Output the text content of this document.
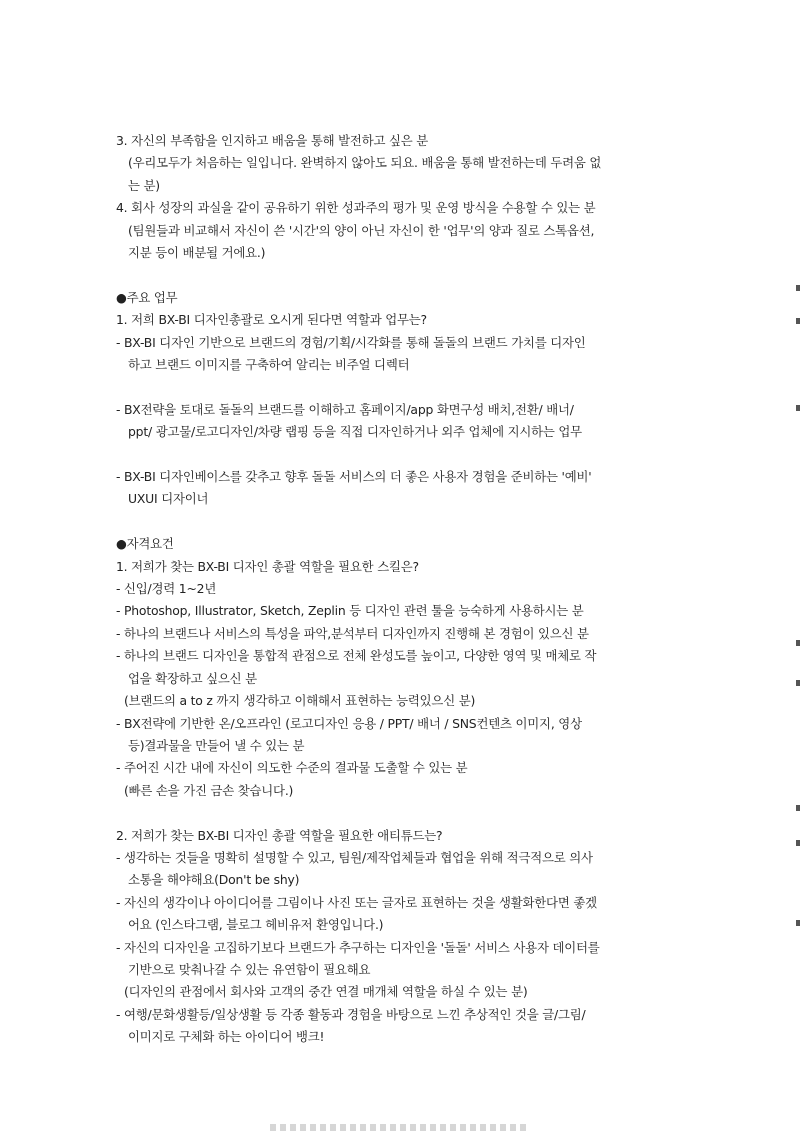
3. 자신의 부족함을 인지하고 배움을 통해 발전하고 싶은 분

(우리모두가 처음하는 일입니다. 완벽하지 않아도 되요. 배움을 통해 발전하는데 두려움 없

는 분)

4. 회사 성장의 과실을 같이 공유하기 위한 성과주의 평가 및 운영 방식을 수용할 수 있는 분

(팀원들과 비교해서 자신이 쓴 '시간'의 양이 아닌 자신이 한 '업무'의 양과 질로 스톡옵션,

지분 등이 배분될 거에요.)

●주요 업무

1. 저희 BX-BI 디자인총괄로 오시게 된다면 역할과 업무는?

- BX-BI 디자인 기반으로 브랜드의 경험/기획/시각화를 통해 돌돌의 브랜드 가치를 디자인

하고 브랜드 이미지를 구축하여 알리는 비주얼 디렉터

- BX전략을 토대로 돌돌의 브랜드를 이해하고 홈페이지/app 화면구성 배치,전환/ 배너/

ppt/ 광고물/로고디자인/차량 랩핑 등을 직접 디자인하거나 외주 업체에 지시하는 업무

- BX-BI 디자인베이스를 갖추고 향후 돌돌 서비스의 더 좋은 사용자 경험을 준비하는 '예비'

UXUI 디자이너

●자격요건

1. 저희가 찾는 BX-BI 디자인 총괄 역할을 필요한 스킬은?

- 신입/경력 1~2년

- Photoshop, Illustrator, Sketch, Zeplin 등 디자인 관련 툴을 능숙하게 사용하시는 분

- 하나의 브랜드나 서비스의 특성을 파악,분석부터 디자인까지 진행해 본 경험이 있으신 분

- 하나의 브랜드 디자인을 통합적 관점으로 전체 완성도를 높이고, 다양한 영역 및 매체로 작

업을 확장하고 싶으신 분

(브랜드의 a to z 까지 생각하고 이해해서 표현하는 능력있으신 분)

- BX전략에 기반한 온/오프라인 (로고디자인 응용 / PPT/ 배너 / SNS컨텐츠 이미지, 영상

등)결과물을 만들어 낼 수 있는 분

- 주어진 시간 내에 자신이 의도한 수준의 결과물 도출할 수 있는 분

(빠른 손을 가진 금손 찾습니다.)

2. 저희가 찾는 BX-BI 디자인 총괄 역할을 필요한 애티튜드는?

- 생각하는 것들을 명확히 설명할 수 있고, 팀원/제작업체들과 협업을 위해 적극적으로 의사

소통을 해야해요(Don't be shy)

- 자신의 생각이나 아이디어를 그림이나 사진 또는 글자로 표현하는 것을 생활화한다면 좋겠

어요 (인스타그램, 블로그 헤비유저 환영입니다.)

- 자신의 디자인을 고집하기보다 브랜드가 추구하는 디자인을 '돌돌' 서비스 사용자 데이터를

기반으로 맞춰나갈 수 있는 유연함이 필요해요

(디자인의 관점에서 회사와 고객의 중간 연결 매개체 역할을 하실 수 있는 분)

- 여행/문화생활등/일상생활 등 각종 활동과 경험을 바탕으로 느낀 추상적인 것을 글/그림/

이미지로 구체화 하는 아이디어 뱅크!
